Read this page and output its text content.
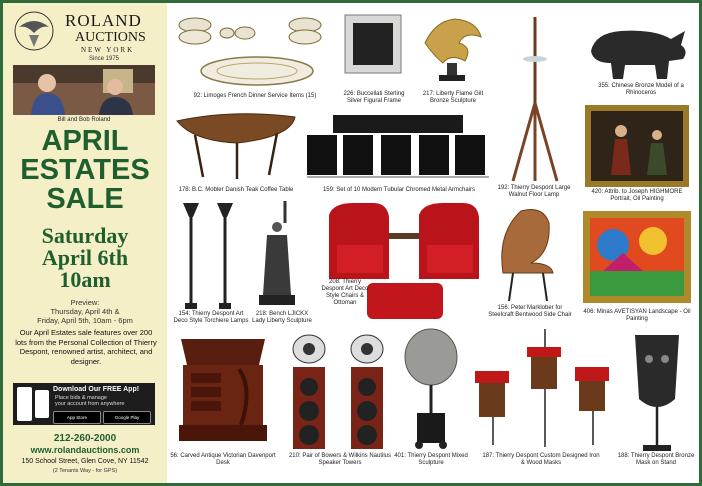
ROLAND
AUCTIONS
NEW YORK
Since 1975
Bill and Bob Roland
APRIL
ESTATES
SALE
Saturday
April 6th
10am
Preview:
Thursday, April 4th &
Friday, April 5th, 10am - 6pm
Our April Estates sale features over 200 lots from the Personal Collection of Thierry Despont, renowned artist, architect, and designer.
Download Our FREE App!
Place bids & manage
your account from anywhere
App Store	Google Play
212-260-2000
www.rolandauctions.com
150 School Street, Glen Cove, NY 11542
(2 Tenants Way - for GPS)
92: Limoges French Dinner Service Items (15)	226: Buccellati Sterling Silver Figural Frame
217: Liberty Flame Gilt Bronze Sculpture
192: Thierry Despont Large Walnut Floor Lamp
355: Chinese Bronze Model of a Rhinoceros
178: B.C. Mobler Danish Teak Coffee Table	159: Set of 10 Modern Tubular Chromed Metal Armchairs	420: Attrib. to Joseph HIGHMORE Portrait, Oil Painting
154: Thierry Despont Art Deco Style Torchiere Lamps
218: Bench LJICKX Lady Liberty Sculpture
208: Thierry Despont Art Deco Style Chairs & Ottoman
156: Peter Marklober for Steelcraft Bentwood Side Chair	406: Minas AVETISYAN Landscape - Oil Painting
56: Carved Antique Victorian Davenport Desk
210: Pair of Bowers & Wilkins Nautilus Speaker Towers
401: Thierry Despont Mixed Sculpture
187: Thierry Despont Custom Designed Iron & Wood Masks
188: Thierry Despont Bronze Mask on Stand
